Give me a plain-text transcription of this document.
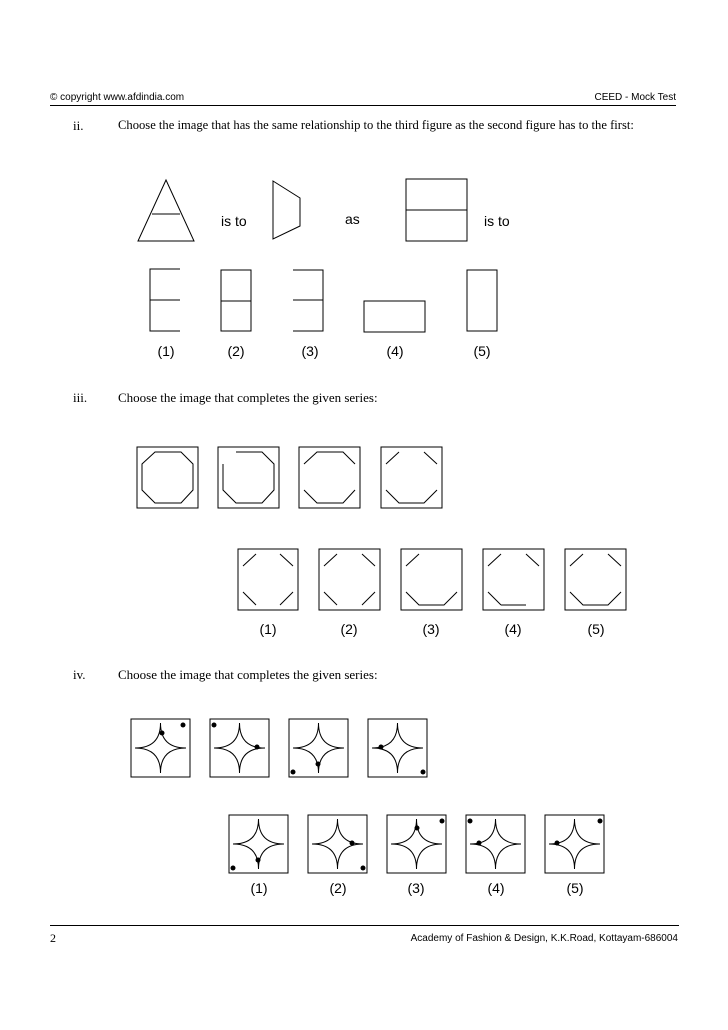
© copyright www.afdindia.com	CEED - Mock Test
ii.	Choose the image that has the same relationship to the third figure as the second figure has to the first:
is to	as	is to
(1)	(2)	(3)	(4)	(5)
iii. Choose the image that completes the given series:
(1)	(2)	(3)	(4)	(5)
iv. Choose the image that completes the given series:
(1)	(2)	(3)	(4)	(5)
2	Academy of Fashion & Design, K.K.Road, Kottayam-686004
